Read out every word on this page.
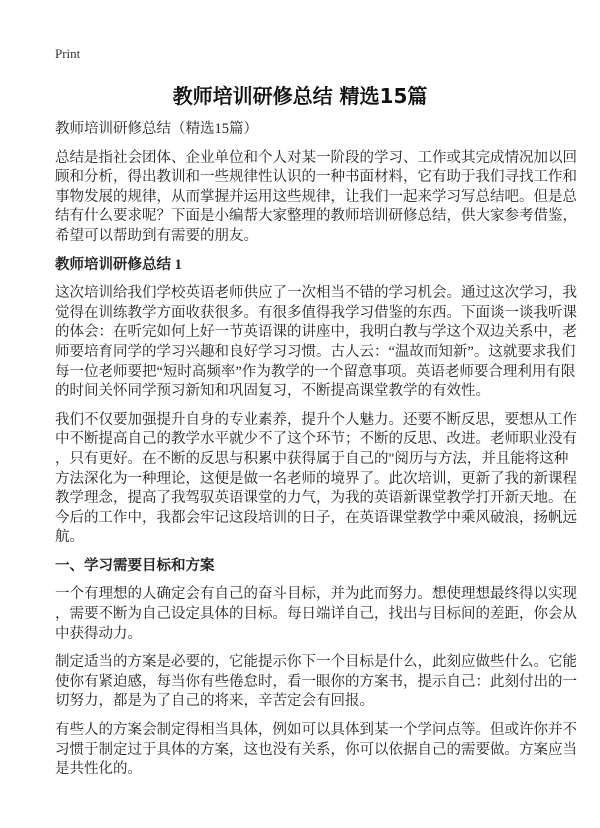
Print
教师培训研修总结 精选15篇
教师培训研修总结（精选15篇）

总结是指社会团体、企业单位和个人对某一阶段的学习、工作或其完成情况加以回
顾和分析，得出教训和一些规律性认识的一种书面材料，它有助于我们寻找工作和
事物发展的规律，从而掌握并运用这些规律，让我们一起来学习写总结吧。但是总
结有什么要求呢？下面是小编帮大家整理的教师培训研修总结，供大家参考借鉴，
希望可以帮助到有需要的朋友。

教师培训研修总结 1

这次培训给我们学校英语老师供应了一次相当不错的学习机会。通过这次学习，我
觉得在训练教学方面收获很多。有很多值得我学习借鉴的东西。下面谈一谈我听课
的体会：在听完如何上好一节英语课的讲座中，我明白教与学这个双边关系中，老
师要培育同学的学习兴趣和良好学习习惯。古人云：“温故而知新”。这就要求我们
每一位老师要把“短时高频率”作为教学的一个留意事项。英语老师要合理利用有限
的时间关怀同学预习新知和巩固复习，不断提高课堂教学的有效性。

我们不仅要加强提升自身的专业素养，提升个人魅力。还要不断反思，要想从工作
中不断提高自己的教学水平就少不了这个环节；不断的反思、改进。老师职业没有
，只有更好。在不断的反思与积累中获得属于自己的"阅历与方法，并且能将这种
方法深化为一种理论，这便是做一名老师的境界了。此次培训，更新了我的新课程
教学理念，提高了我驾驭英语课堂的力气，为我的英语新课堂教学打开新天地。在
今后的工作中，我都会牢记这段培训的日子，在英语课堂教学中乘风破浪，扬帆远
航。

一、学习需要目标和方案

一个有理想的人确定会有自己的奋斗目标，并为此而努力。想使理想最终得以实现
，需要不断为自己设定具体的目标。每日端详自己，找出与目标间的差距，你会从
中获得动力。

制定适当的方案是必要的，它能提示你下一个目标是什么，此刻应做些什么。它能
使你有紧迫感，每当你有些倦怠时，看一眼你的方案书，提示自己：此刻付出的一
切努力，都是为了自己的将来，辛苦定会有回报。

有些人的方案会制定得相当具体，例如可以具体到某一个学问点等。但或许你并不
习惯于制定过于具体的方案，这也没有关系，你可以依据自己的需要做。方案应当
是共性化的。
